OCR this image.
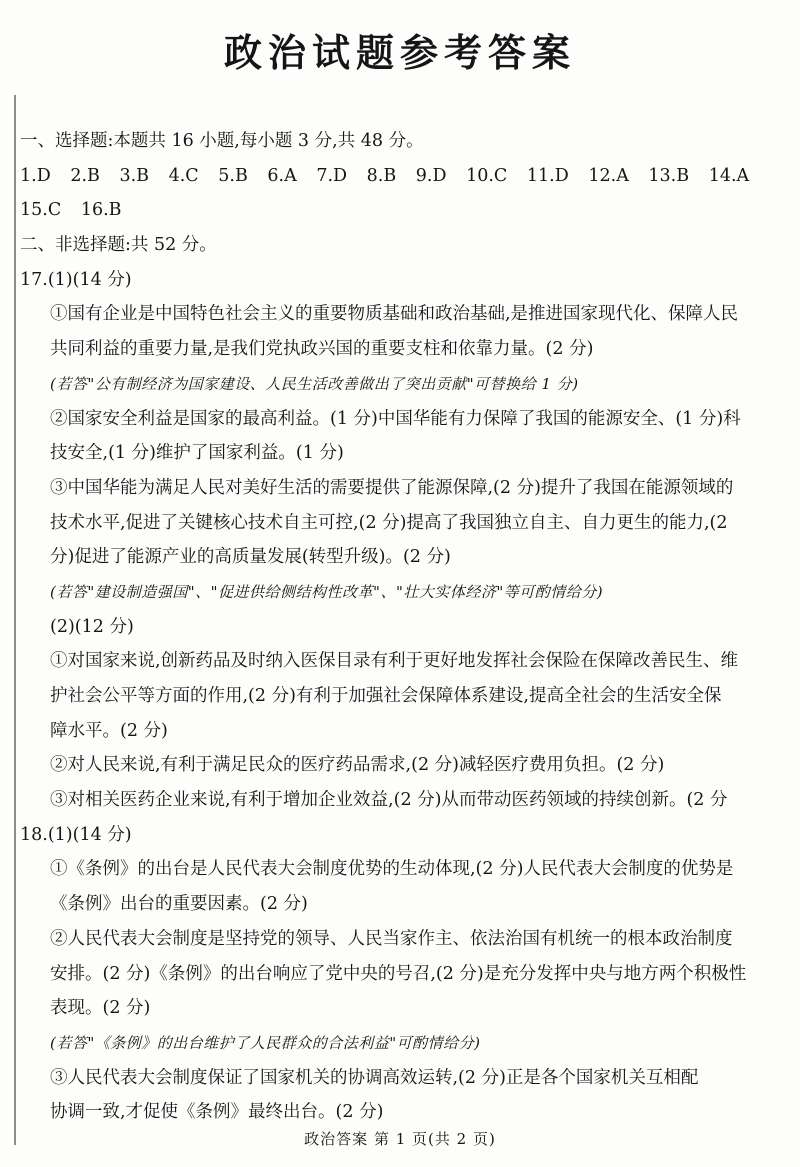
政治试题参考答案
一、选择题:本题共 16 小题,每小题 3 分,共 48 分。
1.D 2.B 3.B 4.C 5.B 6.A 7.D 8.B 9.D 10.C 11.D 12.A 13.B 14.A
15.C 16.B
二、非选择题:共 52 分。
17.(1)(14 分)
①国有企业是中国特色社会主义的重要物质基础和政治基础,是推进国家现代化、保障人民
共同利益的重要力量,是我们党执政兴国的重要支柱和依靠力量。(2 分)
(若答"公有制经济为国家建设、人民生活改善做出了突出贡献"可替换给 1 分)
②国家安全利益是国家的最高利益。(1 分)中国华能有力保障了我国的能源安全、(1 分)科
技安全,(1 分)维护了国家利益。(1 分)
③中国华能为满足人民对美好生活的需要提供了能源保障,(2 分)提升了我国在能源领域的
技术水平,促进了关键核心技术自主可控,(2 分)提高了我国独立自主、自力更生的能力,(2
分)促进了能源产业的高质量发展(转型升级)。(2 分)
(若答"建设制造强国"、"促进供给侧结构性改革"、"壮大实体经济"等可酌情给分)
(2)(12 分)
①对国家来说,创新药品及时纳入医保目录有利于更好地发挥社会保险在保障改善民生、维
护社会公平等方面的作用,(2 分)有利于加强社会保障体系建设,提高全社会的生活安全保
障水平。(2 分)
②对人民来说,有利于满足民众的医疗药品需求,(2 分)减轻医疗费用负担。(2 分)
③对相关医药企业来说,有利于增加企业效益,(2 分)从而带动医药领域的持续创新。(2 分
18.(1)(14 分)
①《条例》的出台是人民代表大会制度优势的生动体现,(2 分)人民代表大会制度的优势是
《条例》出台的重要因素。(2 分)
②人民代表大会制度是坚持党的领导、人民当家作主、依法治国有机统一的根本政治制度
安排。(2 分)《条例》的出台响应了党中央的号召,(2 分)是充分发挥中央与地方两个积极性
表现。(2 分)
(若答"《条例》的出台维护了人民群众的合法利益"可酌情给分)
③人民代表大会制度保证了国家机关的协调高效运转,(2 分)正是各个国家机关互相配
协调一致,才促使《条例》最终出台。(2 分)
政治答案 第 1 页(共 2 页)
